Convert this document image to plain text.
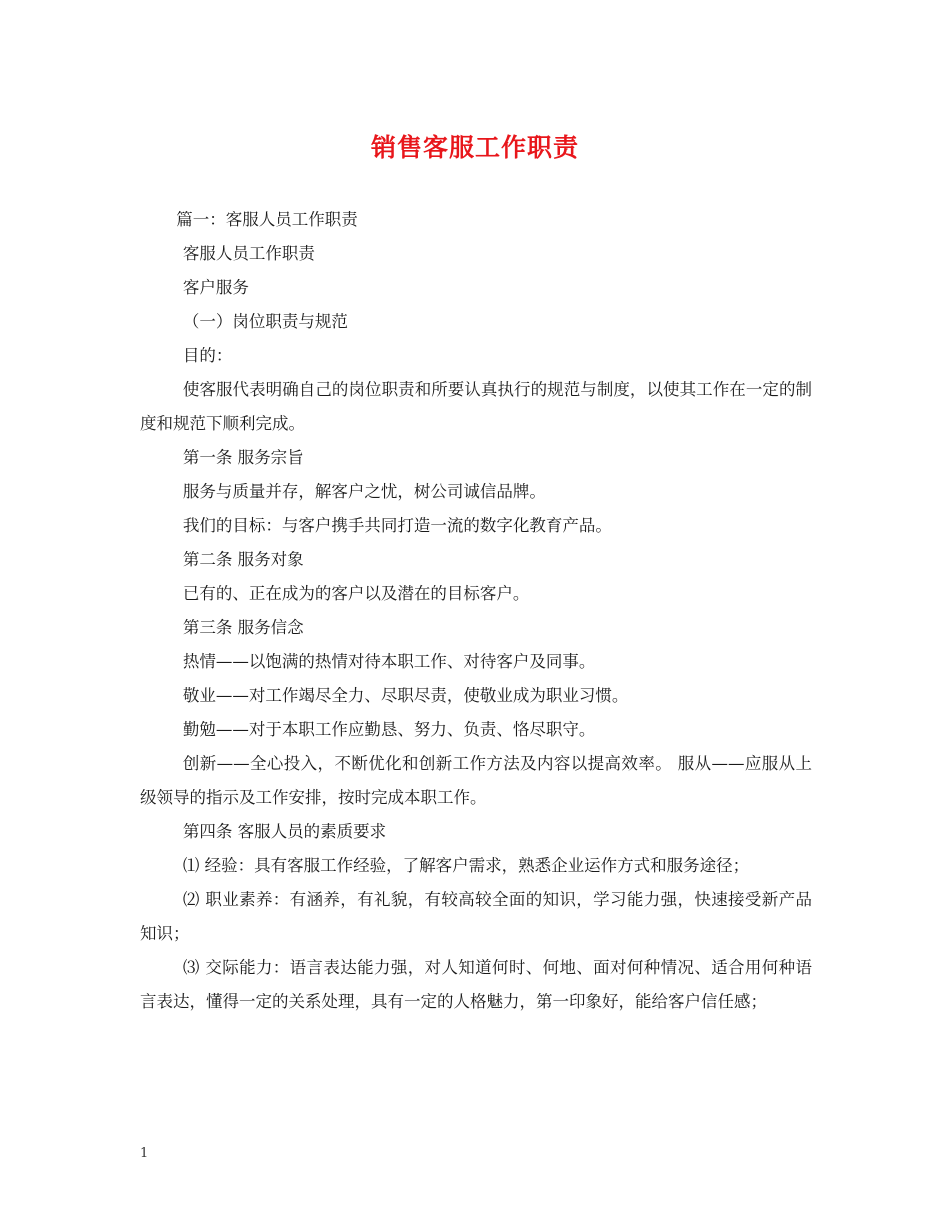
销售客服工作职责

篇一：客服人员工作职责

客服人员工作职责

客户服务

（一）岗位职责与规范

目的：

使客服代表明确自己的岗位职责和所要认真执行的规范与制度，以使其工作在一定的制度和规范下顺利完成。

第一条 服务宗旨

服务与质量并存，解客户之忧，树公司诚信品牌。

我们的目标：与客户携手共同打造一流的数字化教育产品。

第二条 服务对象

已有的、正在成为的客户以及潜在的目标客户。

第三条 服务信念

热情——以饱满的热情对待本职工作、对待客户及同事。

敬业——对工作竭尽全力、尽职尽责，使敬业成为职业习惯。

勤勉——对于本职工作应勤恳、努力、负责、恪尽职守。

创新——全心投入，不断优化和创新工作方法及内容以提高效率。 服从——应服从上级领导的指示及工作安排，按时完成本职工作。

第四条 客服人员的素质要求

⑴ 经验：具有客服工作经验，了解客户需求，熟悉企业运作方式和服务途径；

⑵ 职业素养：有涵养，有礼貌，有较高较全面的知识，学习能力强，快速接受新产品知识；

⑶ 交际能力：语言表达能力强，对人知道何时、何地、面对何种情况、适合用何种语言表达，懂得一定的关系处理，具有一定的人格魅力，第一印象好，能给客户信任感；

1
